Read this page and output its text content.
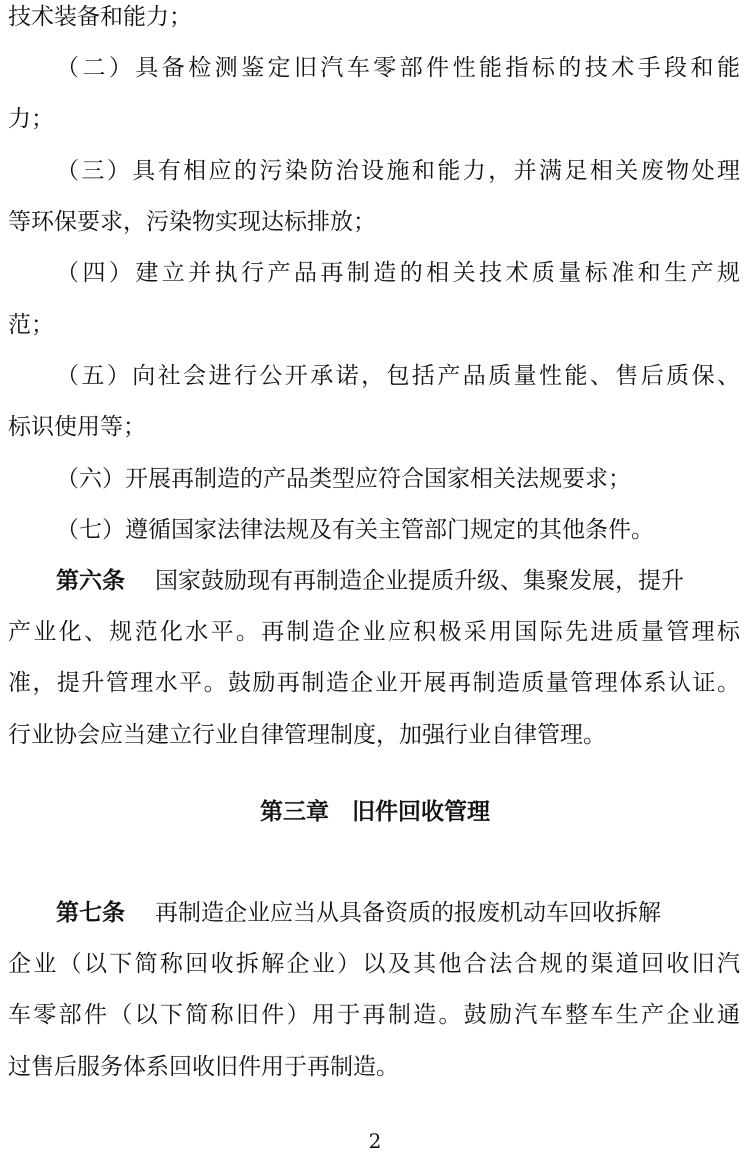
技术装备和能力；
（二）具备检测鉴定旧汽车零部件性能指标的技术手段和能
力；
（三）具有相应的污染防治设施和能力，并满足相关废物处理
等环保要求，污染物实现达标排放；
（四）建立并执行产品再制造的相关技术质量标准和生产规
范；
（五）向社会进行公开承诺，包括产品质量性能、售后质保、
标识使用等；
（六）开展再制造的产品类型应符合国家相关法规要求；
（七）遵循国家法律法规及有关主管部门规定的其他条件。
第六条 国家鼓励现有再制造企业提质升级、集聚发展，提升
产业化、规范化水平。再制造企业应积极采用国际先进质量管理标
准，提升管理水平。鼓励再制造企业开展再制造质量管理体系认证。
行业协会应当建立行业自律管理制度，加强行业自律管理。
第三章　旧件回收管理
第七条 再制造企业应当从具备资质的报废机动车回收拆解
企业（以下简称回收拆解企业）以及其他合法合规的渠道回收旧汽
车零部件（以下简称旧件）用于再制造。鼓励汽车整车生产企业通
过售后服务体系回收旧件用于再制造。
2
